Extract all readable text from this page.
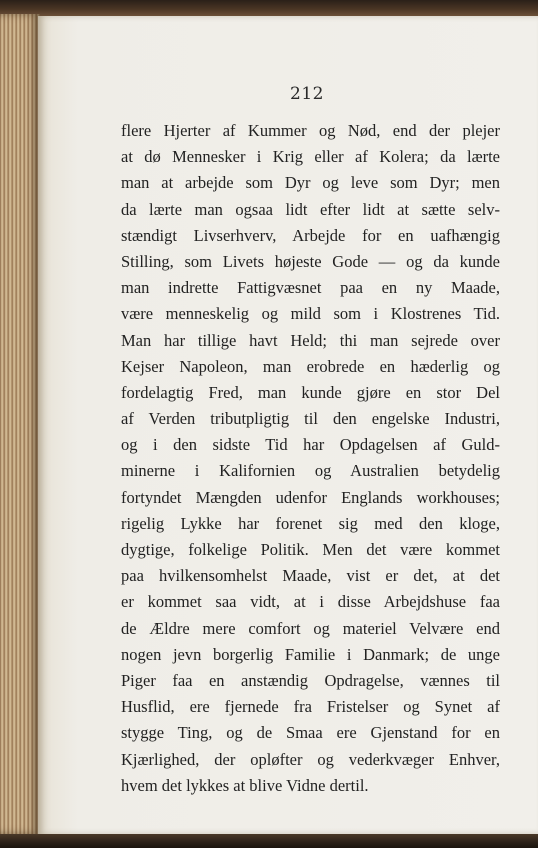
212
flere Hjerter af Kummer og Nød, end der plejer
at dø Mennesker i Krig eller af Kolera; da lærte
man at arbejde som Dyr og leve som Dyr; men
da lærte man ogsaa lidt efter lidt at sætte selv-
stændigt Livserhverv, Arbejde for en uafhængig
Stilling, som Livets højeste Gode — og da kunde
man indrette Fattigvæsnet paa en ny Maade,
være menneskelig og mild som i Klostrenes Tid.
Man har tillige havt Held; thi man sejrede over
Kejser Napoleon, man erobrede en hæderlig og
fordelagtig Fred, man kunde gjøre en stor Del
af Verden tributpligtig til den engelske Industri,
og i den sidste Tid har Opdagelsen af Guld-
minerne i Kalifornien og Australien betydelig
fortyndet Mængden udenfor Englands workhouses;
rigelig Lykke har forenet sig med den kloge,
dygtige, folkelige Politik. Men det være kommet
paa hvilkensomhelst Maade, vist er det, at det
er kommet saa vidt, at i disse Arbejdshuse faa
de Ældre mere comfort og materiel Velvære end
nogen jevn borgerlig Familie i Danmark; de unge
Piger faa en anstændig Opdragelse, vænnes til
Husflid, ere fjernede fra Fristelser og Synet af
stygge Ting, og de Smaa ere Gjenstand for en
Kjærlighed, der opløfter og vederkvæger Enhver,
hvem det lykkes at blive Vidne dertil.
